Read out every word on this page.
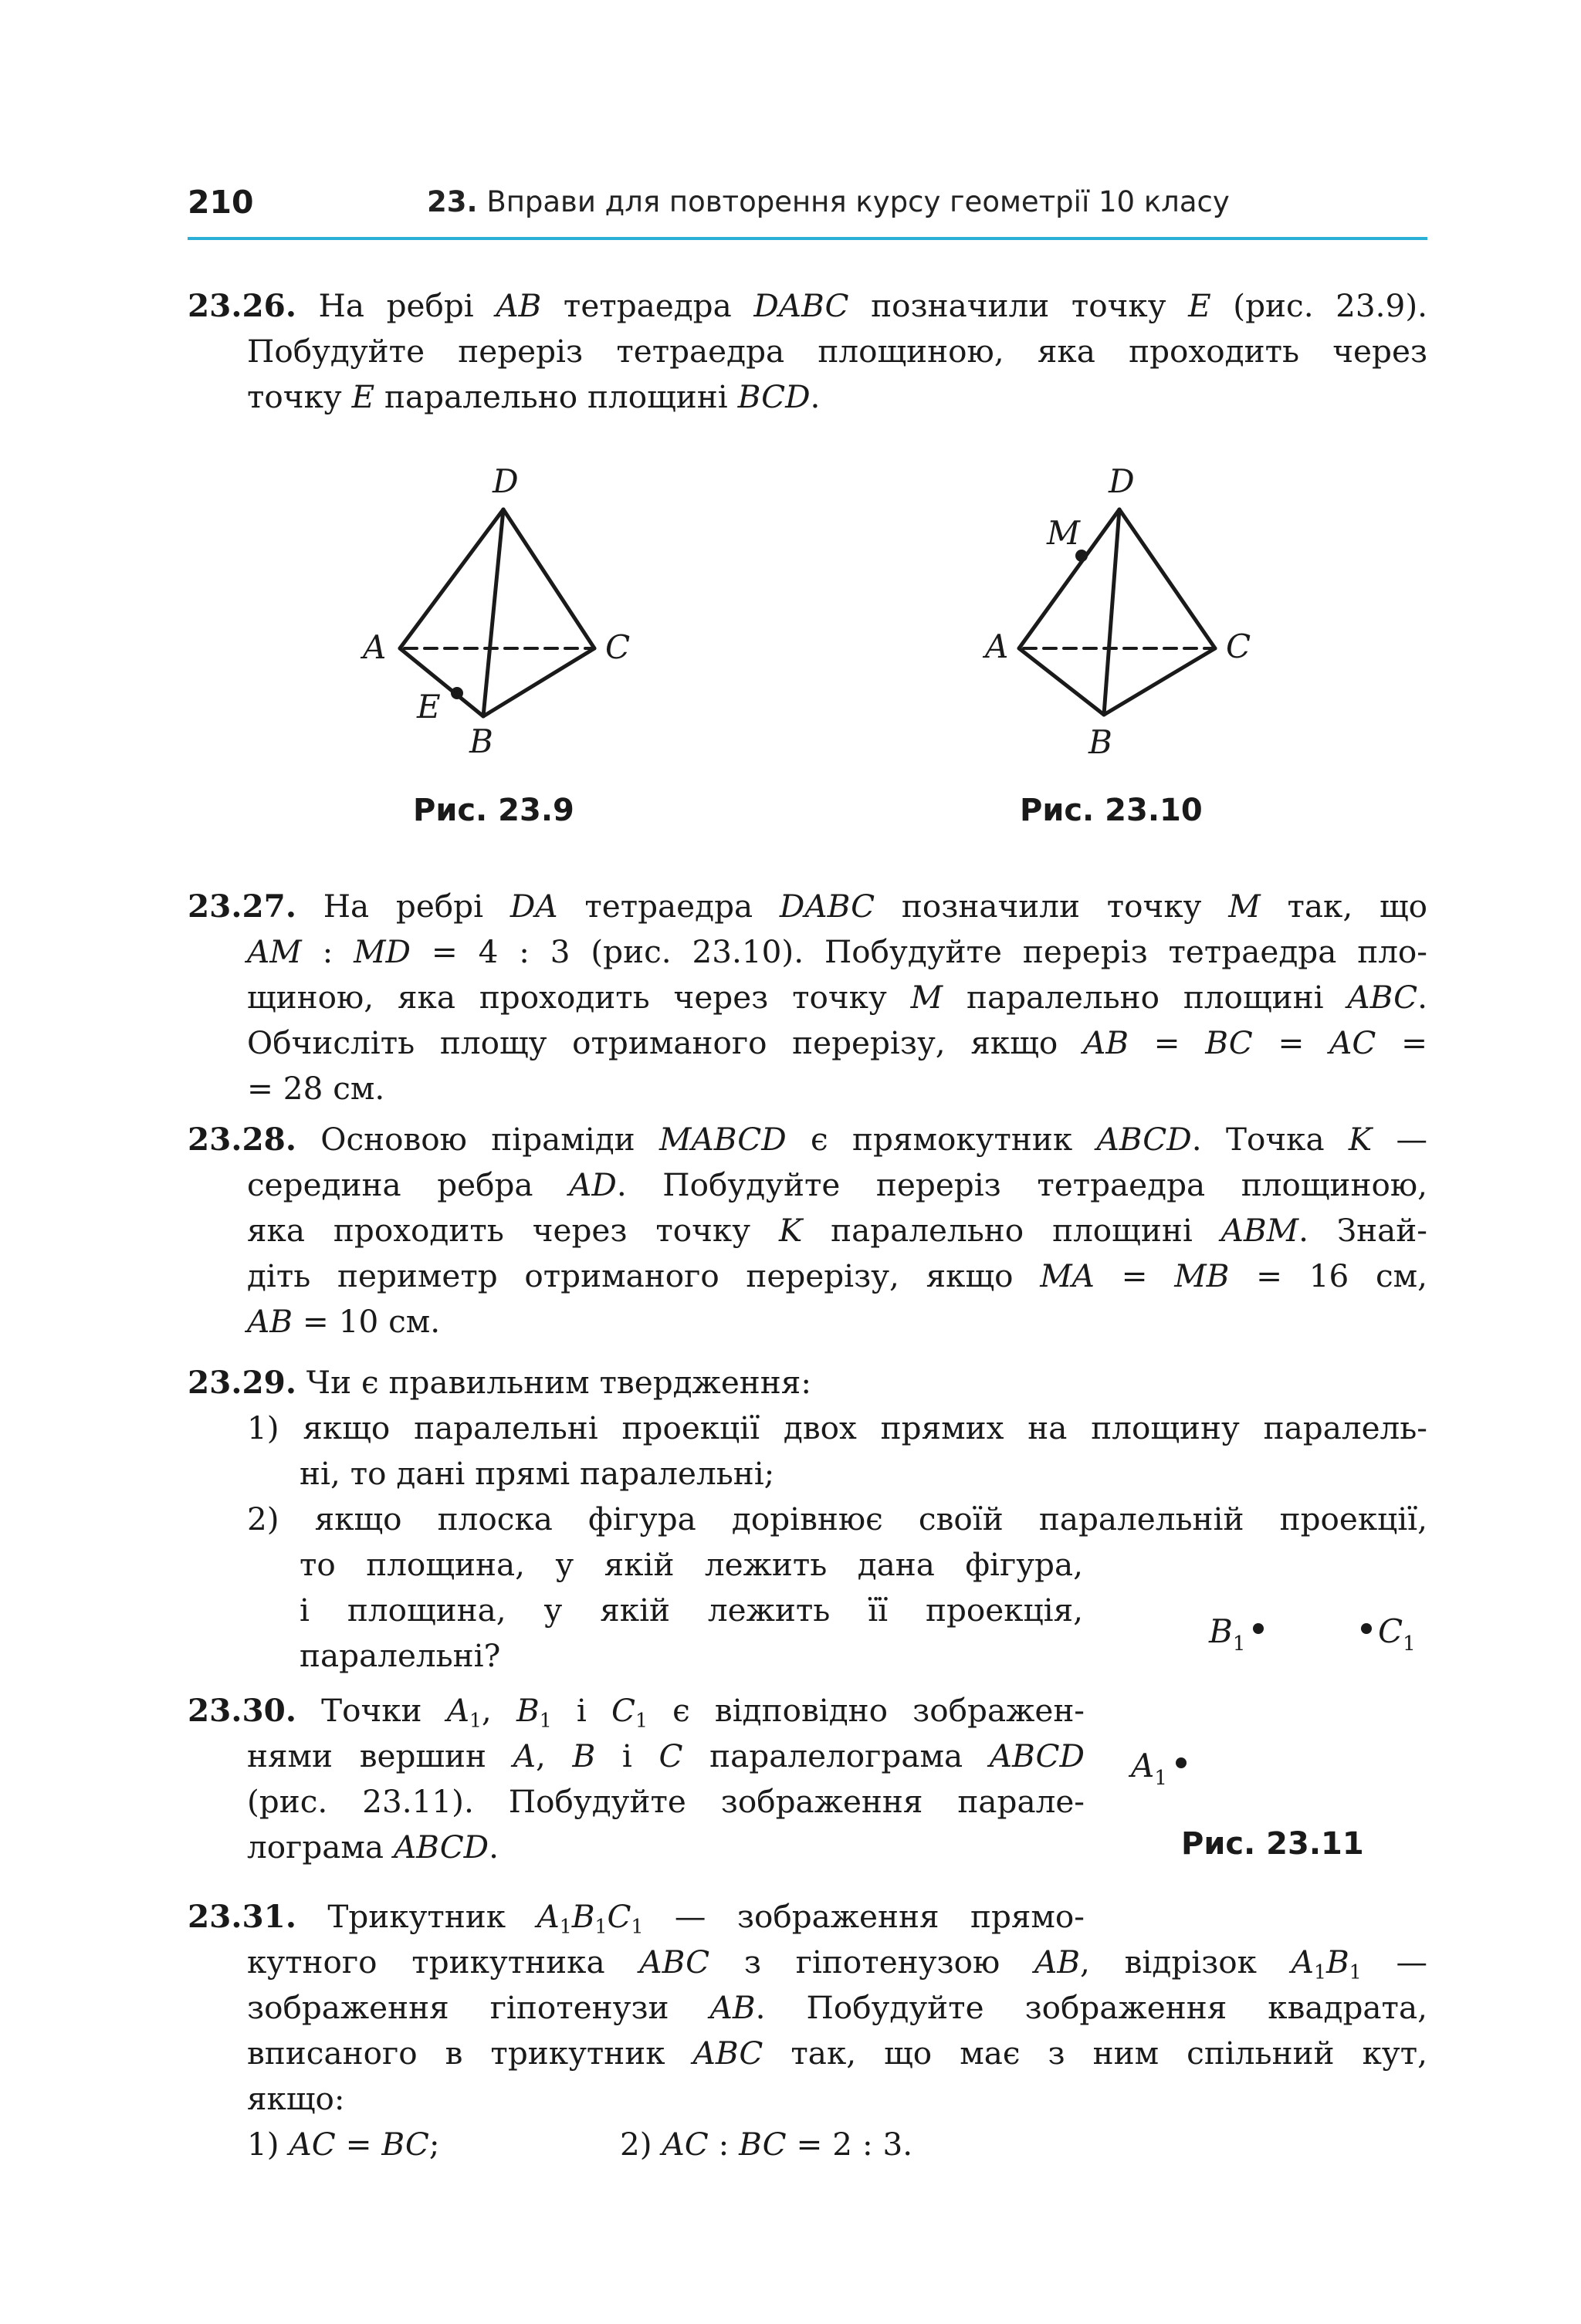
210	23. Вправи для повторення курсу геометрії 10 класу

23.26. На ребрі AB тетраедра DABC позначили точку E (рис. 23.9).

Побудуйте переріз тетраедра площиною, яка проходить через

точку E паралельно площині BCD.

D
A	C
E
B
Рис. 23.9
D
M
A	C
B
Рис. 23.10

23.27. На ребрі DA тетраедра DABC позначили точку M так, що

AM : MD = 4 : 3 (рис. 23.10). Побудуйте переріз тетраедра пло-

щиною, яка проходить через точку M паралельно площині ABC.

Обчисліть площу отриманого перерізу, якщо AB = BC = AC =

= 28 см.

23.28. Основою піраміди MABCD є прямокутник ABCD. Точка K —

середина ребра AD. Побудуйте переріз тетраедра площиною,

яка проходить через точку K паралельно площині ABM. Знай-

діть периметр отриманого перерізу, якщо MA = MB = 16 см,

AB = 10 см.

23.29. Чи є правильним твердження:

1) якщо паралельні проекції двох прямих на площину паралель-

ні, то дані прямі паралельні;

2) якщо плоска фігура дорівнює своїй паралельній проекції,

то площина, у якій лежить дана фігура,

і площина, у якій лежить її проекція,

паралельні?

$B_1$	$C_1$
$A_1$
Рис. 23.11

23.30. Точки $A_1$, $B_1$ і $C_1$ є відповідно зображен-

нями вершин A, B і C паралелограма ABCD

(рис. 23.11). Побудуйте зображення парале-

лограма ABCD.

23.31. Трикутник $A_1B_1C_1$ — зображення прямо-

кутного трикутника ABC з гіпотенузою AB, відрізок $A_1B_1$ —

зображення гіпотенузи AB. Побудуйте зображення квадрата,

вписаного в трикутник ABC так, що має з ним спільний кут,

якщо:

1) AC = BC;	2) AC : BC = 2 : 3.
